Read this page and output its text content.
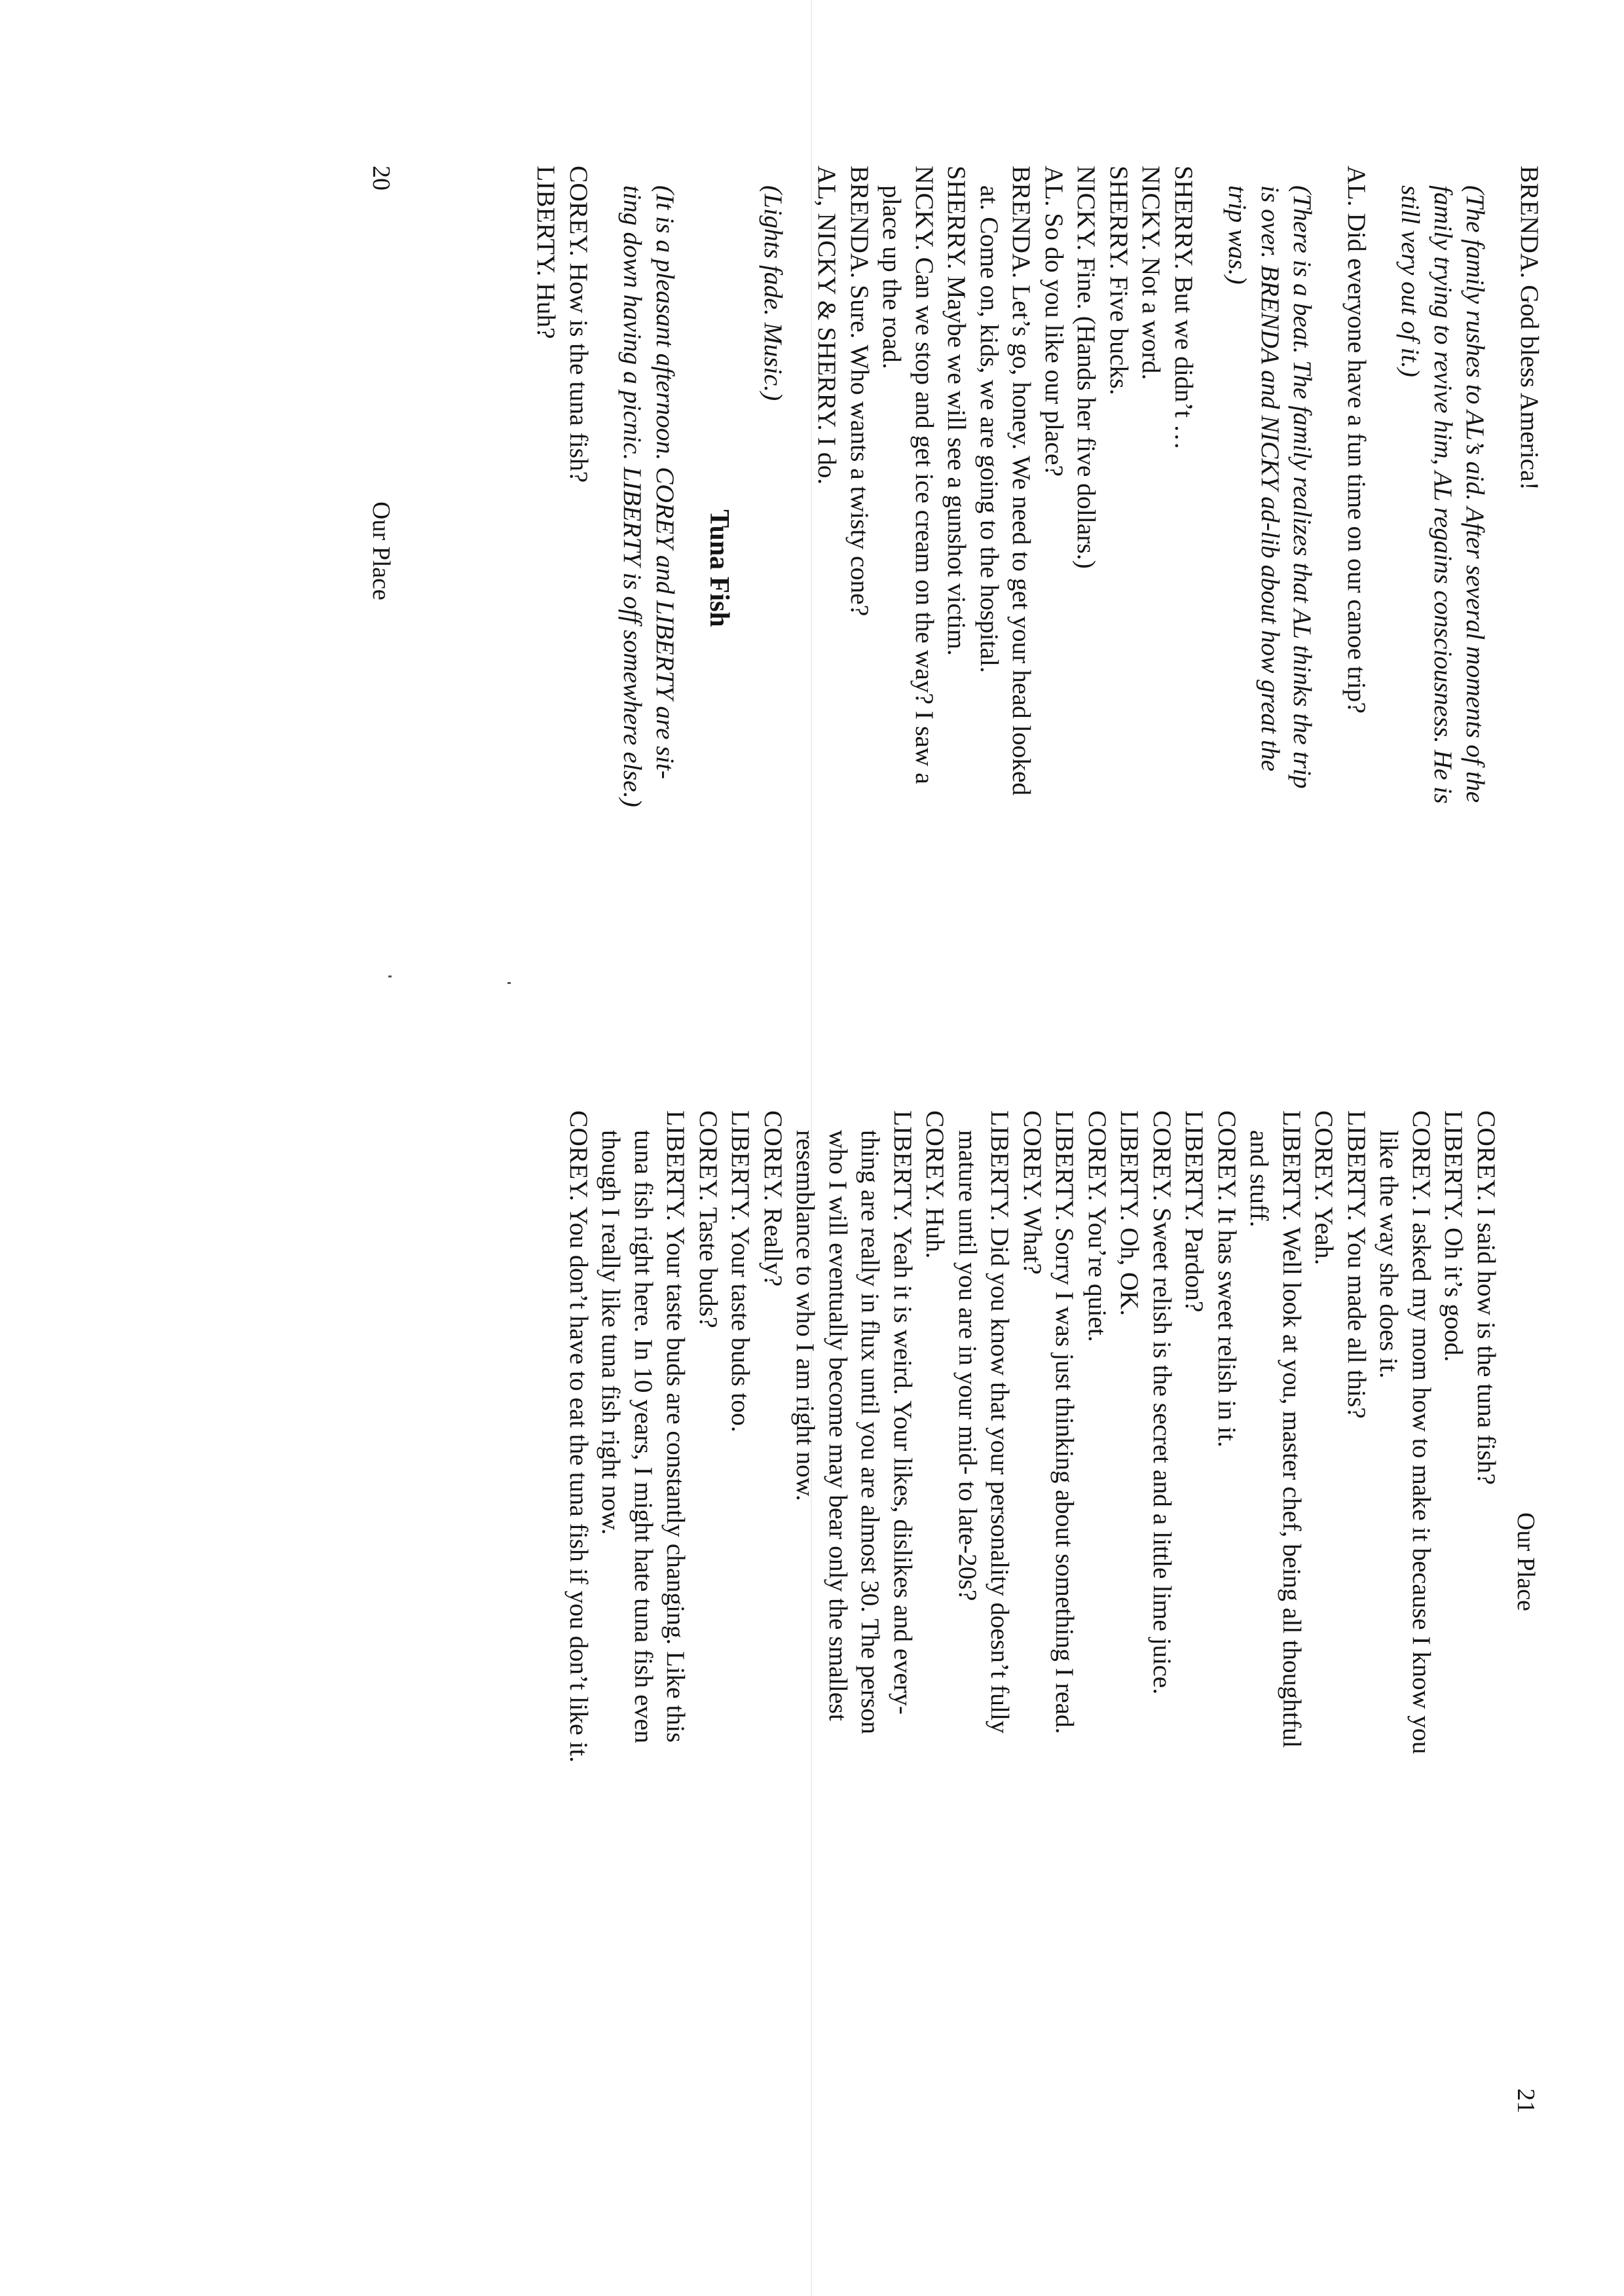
20
Our Place
BRENDA. God bless America!
(The family rushes to AL’s aid. After several moments of the
family trying to revive him, AL regains consciousness. He is
still very out of it.)
AL. Did everyone have a fun time on our canoe trip?
(There is a beat. The family realizes that AL thinks the trip
is over. BRENDA and NICKY ad-lib about how great the
trip was.)
SHERRY. But we didn’t …
NICKY. Not a word.
SHERRY. Five bucks.
NICKY. Fine. (Hands her five dollars.)
AL. So do you like our place?
BRENDA. Let’s go, honey. We need to get your head looked
at. Come on, kids, we are going to the hospital.
SHERRY. Maybe we will see a gunshot victim.
NICKY. Can we stop and get ice cream on the way? I saw a
place up the road.
BRENDA. Sure. Who wants a twisty cone?
AL, NICKY & SHERRY. I do.
(Lights fade. Music.)
Tuna Fish
(It is a pleasant afternoon. COREY and LIBERTY are sit-
ting down having a picnic. LIBERTY is off somewhere else.)
COREY. How is the tuna fish?
LIBERTY. Huh?
Our Place
21
COREY. I said how is the tuna fish?
LIBERTY. Oh it’s good.
COREY. I asked my mom how to make it because I know you
like the way she does it.
LIBERTY. You made all this?
COREY. Yeah.
LIBERTY. Well look at you, master chef, being all thoughtful
and stuff.
COREY. It has sweet relish in it.
LIBERTY. Pardon?
COREY. Sweet relish is the secret and a little lime juice.
LIBERTY. Oh, OK.
COREY. You’re quiet.
LIBERTY. Sorry I was just thinking about something I read.
COREY. What?
LIBERTY. Did you know that your personality doesn’t fully
mature until you are in your mid- to late-20s?
COREY. Huh.
LIBERTY. Yeah it is weird. Your likes, dislikes and every-
thing are really in flux until you are almost 30. The person
who I will eventually become may bear only the smallest
resemblance to who I am right now.
COREY. Really?
LIBERTY. Your taste buds too.
COREY. Taste buds?
LIBERTY. Your taste buds are constantly changing. Like this
tuna fish right here. In 10 years, I might hate tuna fish even
though I really like tuna fish right now.
COREY. You don’t have to eat the tuna fish if you don’t like it.
